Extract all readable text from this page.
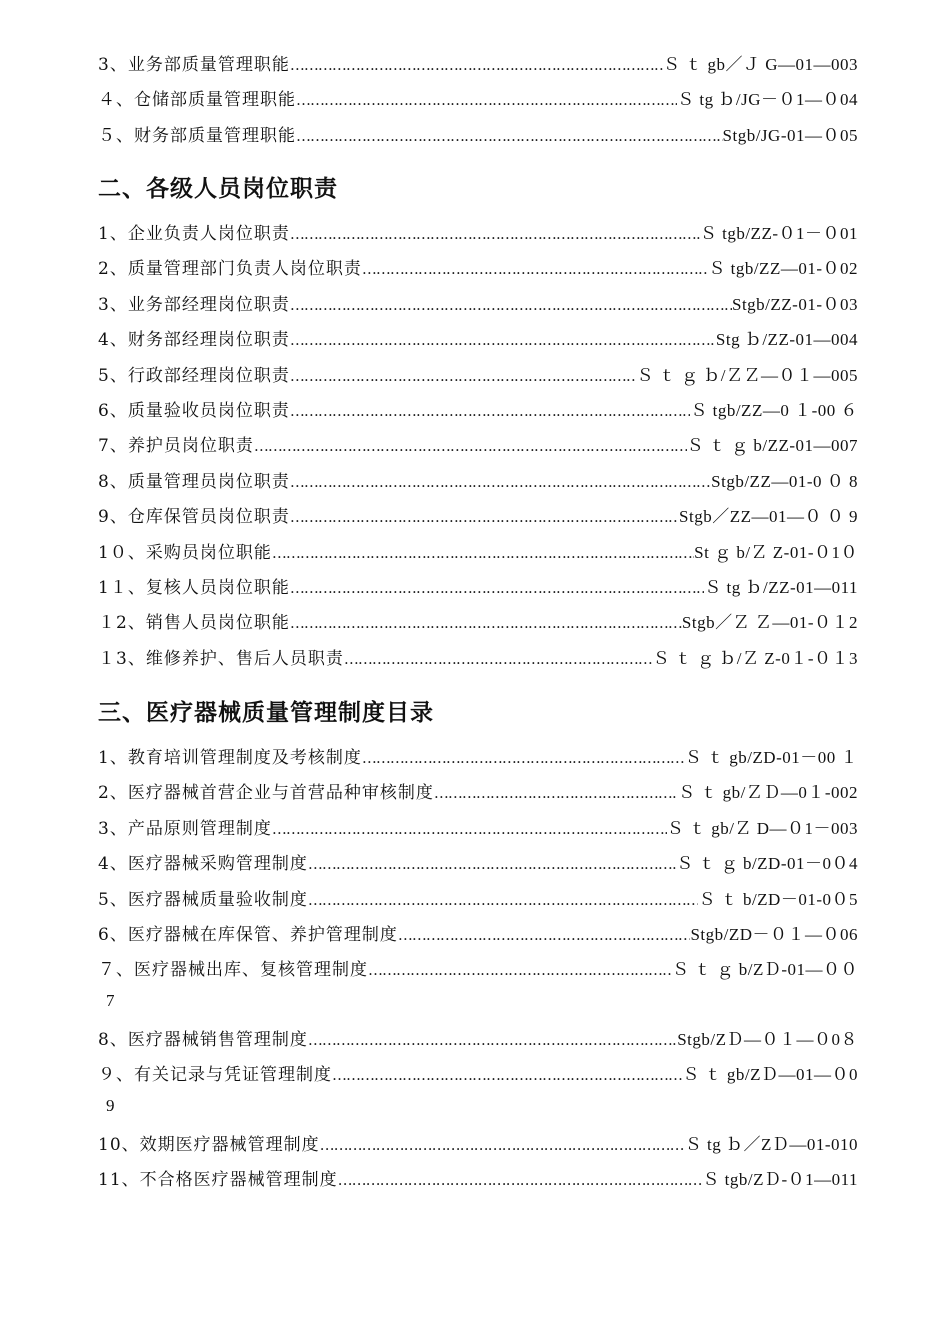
3、业务部质量管理职能 ……………………………………………………………………………………………………………………………………………………………………………………………………	Ｓ ｔ gb／Ｊ G—01—003
４、仓储部质量管理职能 ……………………………………………………………………………………………………………………………………………………………………………………………………	Ｓ tg ｂ/JG－０1—０04
５、财务部质量管理职能 ……………………………………………………………………………………………………………………………………………………………………………………………………	Stgb/JG-01—０05
二、各级人员岗位职责
1、企业负责人岗位职责 ……………………………………………………………………………………………………………………………………………………………………………………………………	Ｓ tgb/ZZ-０1－０01
2、质量管理部门负责人岗位职责 ……………………………………………………………………………………………………………………………………………………………………………………………………	Ｓ tgb/ZZ—01-０02
3、业务部经理岗位职责 ……………………………………………………………………………………………………………………………………………………………………………………………………	Stgb/ZZ-01-０03
4、财务部经理岗位职责 ……………………………………………………………………………………………………………………………………………………………………………………………………	Stg ｂ/ZZ-01—004
5、行政部经理岗位职责 ……………………………………………………………………………………………………………………………………………………………………………………………………	Ｓ ｔ ｇ ｂ/ＺＺ—０１—005
6、质量验收员岗位职责 ……………………………………………………………………………………………………………………………………………………………………………………………………	Ｓ tgb/ZZ—0 １-00 ６
7、养护员岗位职责 ……………………………………………………………………………………………………………………………………………………………………………………………………	Ｓ ｔ ｇ b/ZZ-01—007
8、质量管理员岗位职责 ……………………………………………………………………………………………………………………………………………………………………………………………………	Stgb/ZZ—01-0 ０ 8
9、仓库保管员岗位职责 ……………………………………………………………………………………………………………………………………………………………………………………………………	Stgb／ZZ—01—０ ０ 9
1０、采购员岗位职能 ……………………………………………………………………………………………………………………………………………………………………………………………………	St ｇ b/Ｚ Z-01-０1０
1１、复核人员岗位职能 ……………………………………………………………………………………………………………………………………………………………………………………………………	Ｓ tg ｂ/ZZ-01—011
１2、销售人员岗位职能 ……………………………………………………………………………………………………………………………………………………………………………………………………	Stgb／Ｚ Ｚ—01-０１2
１3、维修养护、售后人员职责 ……………………………………………………………………………………………………………………………………………………………………………………………………	Ｓ ｔ ｇ ｂ/Ｚ Z-0１-０１3
三、医疗器械质量管理制度目录
1、教育培训管理制度及考核制度 ……………………………………………………………………………………………………………………………………………………………………………………………………	Ｓ ｔ gb/ZD-01－00 １
2、医疗器械首营企业与首营品种审核制度 ……………………………………………………………………………………………………………………………………………………………………………………………………	Ｓ ｔ gb/ＺＤ—0１-002
3、产品原则管理制度 ……………………………………………………………………………………………………………………………………………………………………………………………………	Ｓ ｔ gb/Ｚ D—０1－003
4、医疗器械采购管理制度 ……………………………………………………………………………………………………………………………………………………………………………………………………	Ｓ ｔ ｇ b/ZD-01－0０4
5、医疗器械质量验收制度 ……………………………………………………………………………………………………………………………………………………………………………………………………	Ｓ ｔ b/ZD－01-0０5
6、医疗器械在库保管、养护管理制度 ……………………………………………………………………………………………………………………………………………………………………………………………………	Stgb/ZD－０１—０06
７、医疗器械出库、复核管理制度 ……………………………………………………………………………………………………………………………………………………………………………………………………	Ｓ ｔ ｇ b/ZＤ-01—００
7
8、医疗器械销售管理制度 ……………………………………………………………………………………………………………………………………………………………………………………………………	Stgb/ZＤ—０１—０0８
９、有关记录与凭证管理制度 ……………………………………………………………………………………………………………………………………………………………………………………………………	Ｓ ｔ gb/ZＤ—01—０0
9
10、效期医疗器械管理制度 ……………………………………………………………………………………………………………………………………………………………………………………………………	Ｓ tg ｂ／ZＤ—01-010
11、不合格医疗器械管理制度 ……………………………………………………………………………………………………………………………………………………………………………………………………	Ｓ tgb/ZＤ-０1—011
